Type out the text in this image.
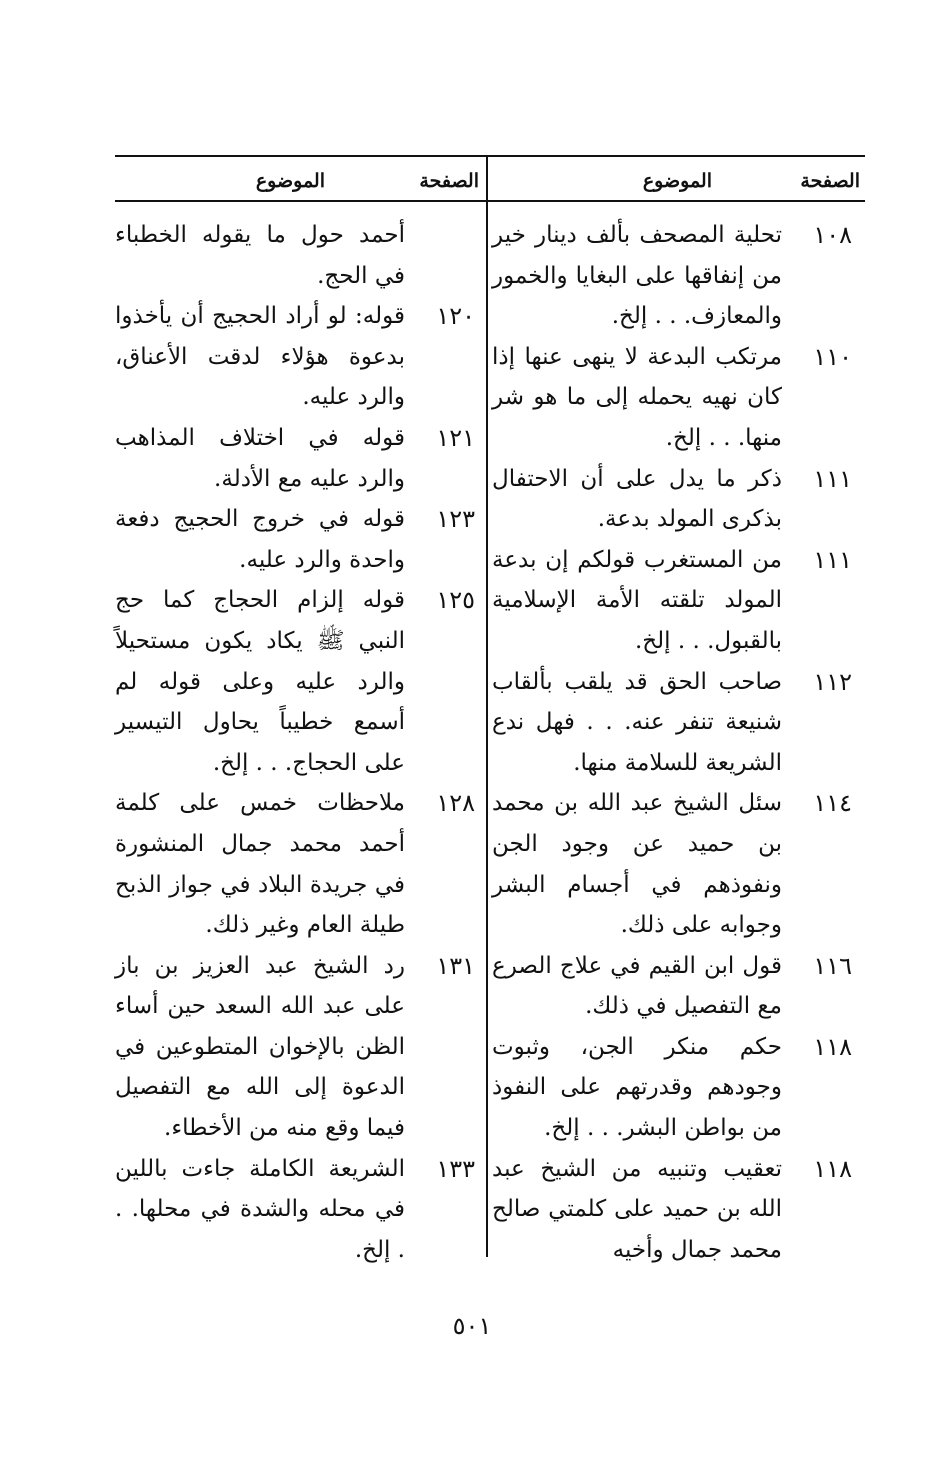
الصفحة
الموضوع
١٠٨
تحلية المصحف بألف دينار خير من إنفاقها على البغايا والخمور والمعازف. . . إلخ.
١١٠
مرتكب البدعة لا ينهى عنها إذا كان نهيه يحمله إلى ما هو شر منها. . . إلخ.
١١١
ذكر ما يدل على أن الاحتفال بذكرى المولد بدعة.
١١١
من المستغرب قولكم إن بدعة المولد تلقته الأمة الإسلامية بالقبول. . . إلخ.
١١٢
صاحب الحق قد يلقب بألقاب شنيعة تنفر عنه. . . فهل ندع الشريعة للسلامة منها.
١١٤
سئل الشيخ عبد الله بن محمد بن حميد عن وجود الجن ونفوذهم في أجسام البشر وجوابه على ذلك.
١١٦
قول ابن القيم في علاج الصرع مع التفصيل في ذلك.
١١٨
حكم منكر الجن، وثبوت وجودهم وقدرتهم على النفوذ من بواطن البشر. . . إلخ.
١١٨
تعقيب وتنبيه من الشيخ عبد الله بن حميد على كلمتي صالح محمد جمال وأخيه
الصفحة
الموضوع
أحمد حول ما يقوله الخطباء في الحج.
١٢٠
قوله: لو أراد الحجيج أن يأخذوا بدعوة هؤلاء لدقت الأعناق، والرد عليه.
١٢١
قوله في اختلاف المذاهب والرد عليه مع الأدلة.
١٢٣
قوله في خروج الحجيج دفعة واحدة والرد عليه.
١٢٥
قوله إلزام الحجاج كما حج النبي ﷺ يكاد يكون مستحيلاً والرد عليه وعلى قوله لم أسمع خطيباً يحاول التيسير على الحجاج. . . إلخ.
١٢٨
ملاحظات خمس على كلمة أحمد محمد جمال المنشورة في جريدة البلاد في جواز الذبح طيلة العام وغير ذلك.
١٣١
رد الشيخ عبد العزيز بن باز على عبد الله السعد حين أساء الظن بالإخوان المتطوعين في الدعوة إلى الله مع التفصيل فيما وقع منه من الأخطاء.
١٣٣
الشريعة الكاملة جاءت باللين في محله والشدة في محلها. . . إلخ.
٥٠١
